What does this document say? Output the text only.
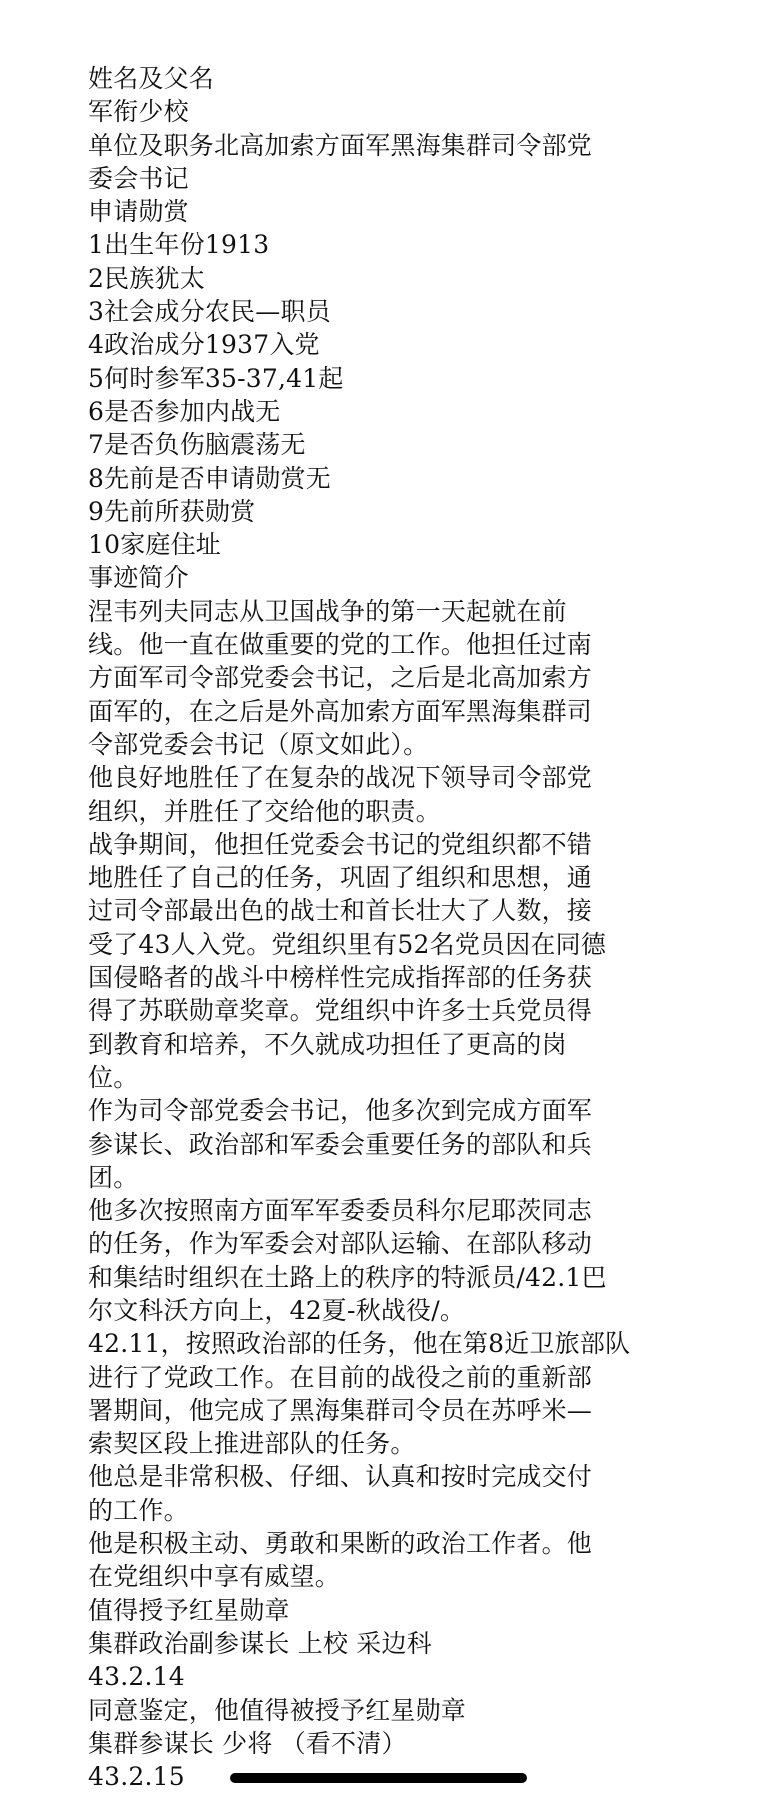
姓名及父名
军衔少校
单位及职务北高加索方面军黑海集群司令部党
委会书记
申请勋赏
1出生年份1913
2民族犹太
3社会成分农民—职员
4政治成分1937入党
5何时参军35-37,41起
6是否参加内战无
7是否负伤脑震荡无
8先前是否申请勋赏无
9先前所获勋赏
10家庭住址
事迹简介
涅韦列夫同志从卫国战争的第一天起就在前
线。他一直在做重要的党的工作。他担任过南
方面军司令部党委会书记，之后是北高加索方
面军的，在之后是外高加索方面军黑海集群司
令部党委会书记（原文如此）。
他良好地胜任了在复杂的战况下领导司令部党
组织，并胜任了交给他的职责。
战争期间，他担任党委会书记的党组织都不错
地胜任了自己的任务，巩固了组织和思想，通
过司令部最出色的战士和首长壮大了人数，接
受了43人入党。党组织里有52名党员因在同德
国侵略者的战斗中榜样性完成指挥部的任务获
得了苏联勋章奖章。党组织中许多士兵党员得
到教育和培养，不久就成功担任了更高的岗
位。
作为司令部党委会书记，他多次到完成方面军
参谋长、政治部和军委会重要任务的部队和兵
团。
他多次按照南方面军军委委员科尔尼耶茨同志
的任务，作为军委会对部队运输、在部队移动
和集结时组织在土路上的秩序的特派员/42.1巴
尔文科沃方向上，42夏-秋战役/。
42.11，按照政治部的任务，他在第8近卫旅部队
进行了党政工作。在目前的战役之前的重新部
署期间，他完成了黑海集群司令员在苏呼米—
索契区段上推进部队的任务。
他总是非常积极、仔细、认真和按时完成交付
的工作。
他是积极主动、勇敢和果断的政治工作者。他
在党组织中享有威望。
值得授予红星勋章
集群政治副参谋长 上校 采边科
43.2.14
同意鉴定，他值得被授予红星勋章
集群参谋长 少将 （看不清）
43.2.15
